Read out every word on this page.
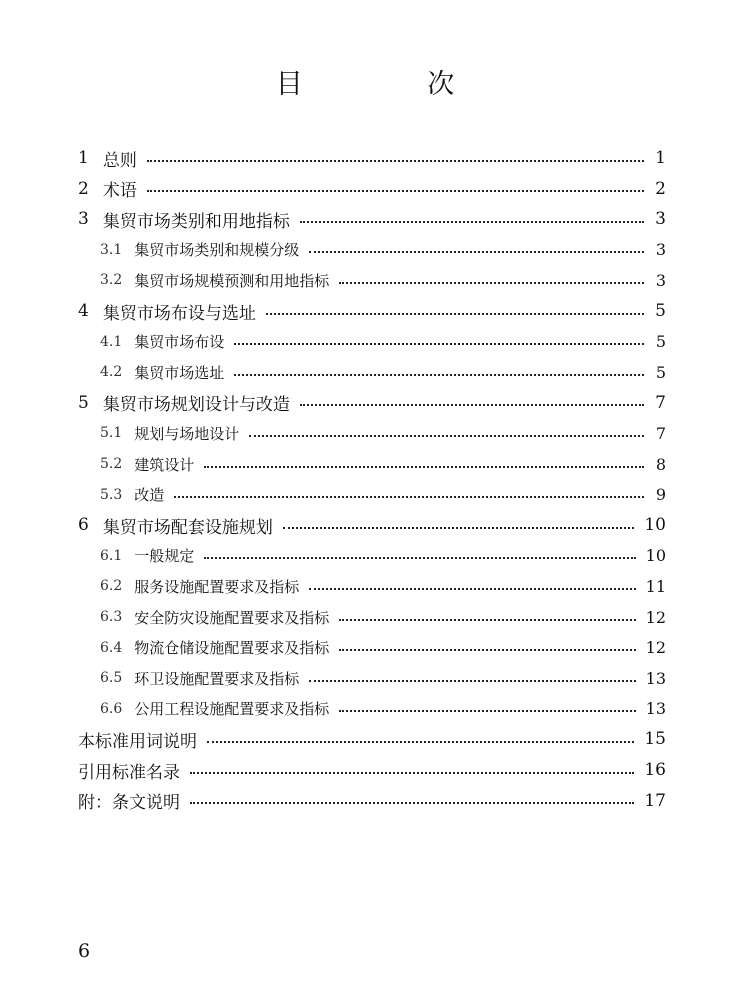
目 次
1 总则	1
2 术语	2
3 集贸市场类别和用地指标	3
3.1 集贸市场类别和规模分级	3
3.2 集贸市场规模预测和用地指标	3
4 集贸市场布设与选址	5
4.1 集贸市场布设	5
4.2 集贸市场选址	5
5 集贸市场规划设计与改造	7
5.1 规划与场地设计	7
5.2 建筑设计	8
5.3 改造	9
6 集贸市场配套设施规划	10
6.1 一般规定	10
6.2 服务设施配置要求及指标	11
6.3 安全防灾设施配置要求及指标	12
6.4 物流仓储设施配置要求及指标	12
6.5 环卫设施配置要求及指标	13
6.6 公用工程设施配置要求及指标	13
本标准用词说明	15
引用标准名录	16
附：条文说明	17
6
